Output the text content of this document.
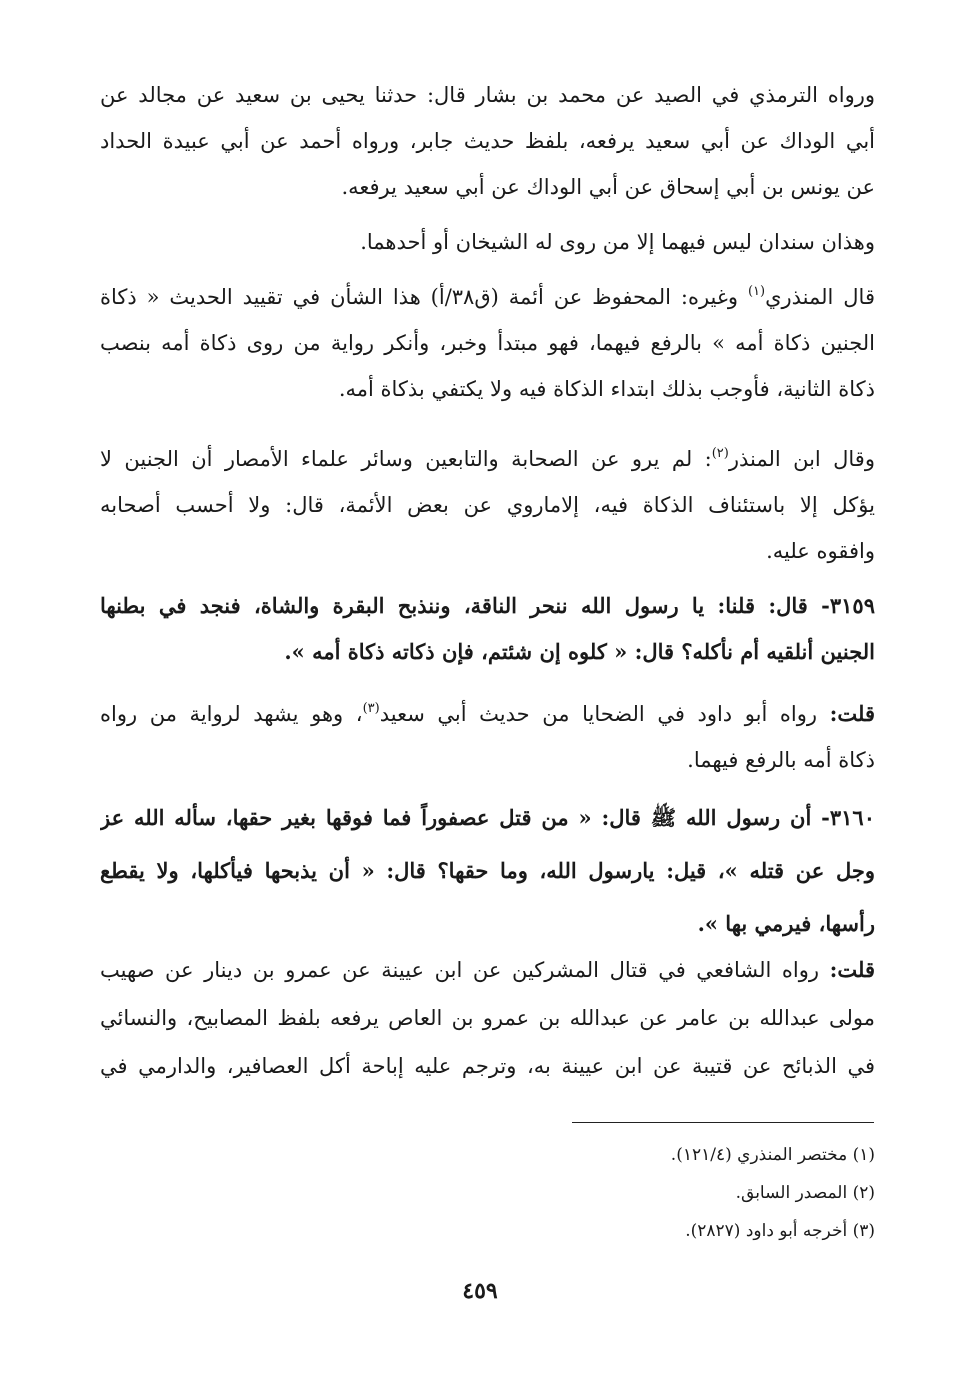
ورواه الترمذي في الصيد عن محمد بن بشار قال: حدثنا يحيى بن سعيد عن مجالد عن
أبي الوداك عن أبي سعيد يرفعه، بلفظ حديث جابر، ورواه أحمد عن أبي عبيدة الحداد
عن يونس بن أبي إسحاق عن أبي الوداك عن أبي سعيد يرفعه.
وهذان سندان ليس فيهما إلا من روى له الشيخان أو أحدهما.
قال المنذري$^{(١)}$ وغيره: المحفوظ عن أئمة (ق٣٨/أ) هذا الشأن في تقييد الحديث « ذكاة
الجنين ذكاة أمه » بالرفع فيهما، فهو مبتدأ وخبر، وأنكر رواية من روى ذكاة أمه بنصب
ذكاة الثانية، فأوجب بذلك ابتداء الذكاة فيه ولا يكتفي بذكاة أمه.
وقال ابن المنذر$^{(٢)}$: لم يرو عن الصحابة والتابعين وسائر علماء الأمصار أن الجنين لا
يؤكل إلا باستئناف الذكاة فيه، إلاماروي عن بعض الأئمة، قال: ولا أحسب أصحابه
وافقوه عليه.
٣١٥٩- قال: قلنا: يا رسول الله ننحر الناقة، وننذبح البقرة والشاة، فنجد في بطنها
الجنين أنلقيه أم نأكله؟ قال: « كلوه إن شئتم، فإن ذكاته ذكاة أمه ».
قلت: رواه أبو داود في الضحايا من حديث أبي سعيد$^{(٣)}$، وهو يشهد لرواية من رواه
ذكاة أمه بالرفع فيهما.
٣١٦٠- أن رسول الله ﷺ قال: « من قتل عصفوراً فما فوقها بغير حقها، سأله الله عز
وجل عن قتله »، قيل: يارسول الله، وما حقها؟ قال: « أن يذبحها فيأكلها، ولا يقطع
رأسها، فيرمي بها ».
قلت: رواه الشافعي في قتال المشركين عن ابن عيينة عن عمرو بن دينار عن صهيب
مولى عبدالله بن عامر عن عبدالله بن عمرو بن العاص يرفعه بلفظ المصابيح، والنسائي
في الذبائح عن قتيبة عن ابن عيينة به، وترجم عليه إباحة أكل العصافير، والدارمي في
(١) مختصر المنذري (١٢١/٤).
(٢) المصدر السابق.
(٣) أخرجه أبو داود (٢٨٢٧).
٤٥٩
